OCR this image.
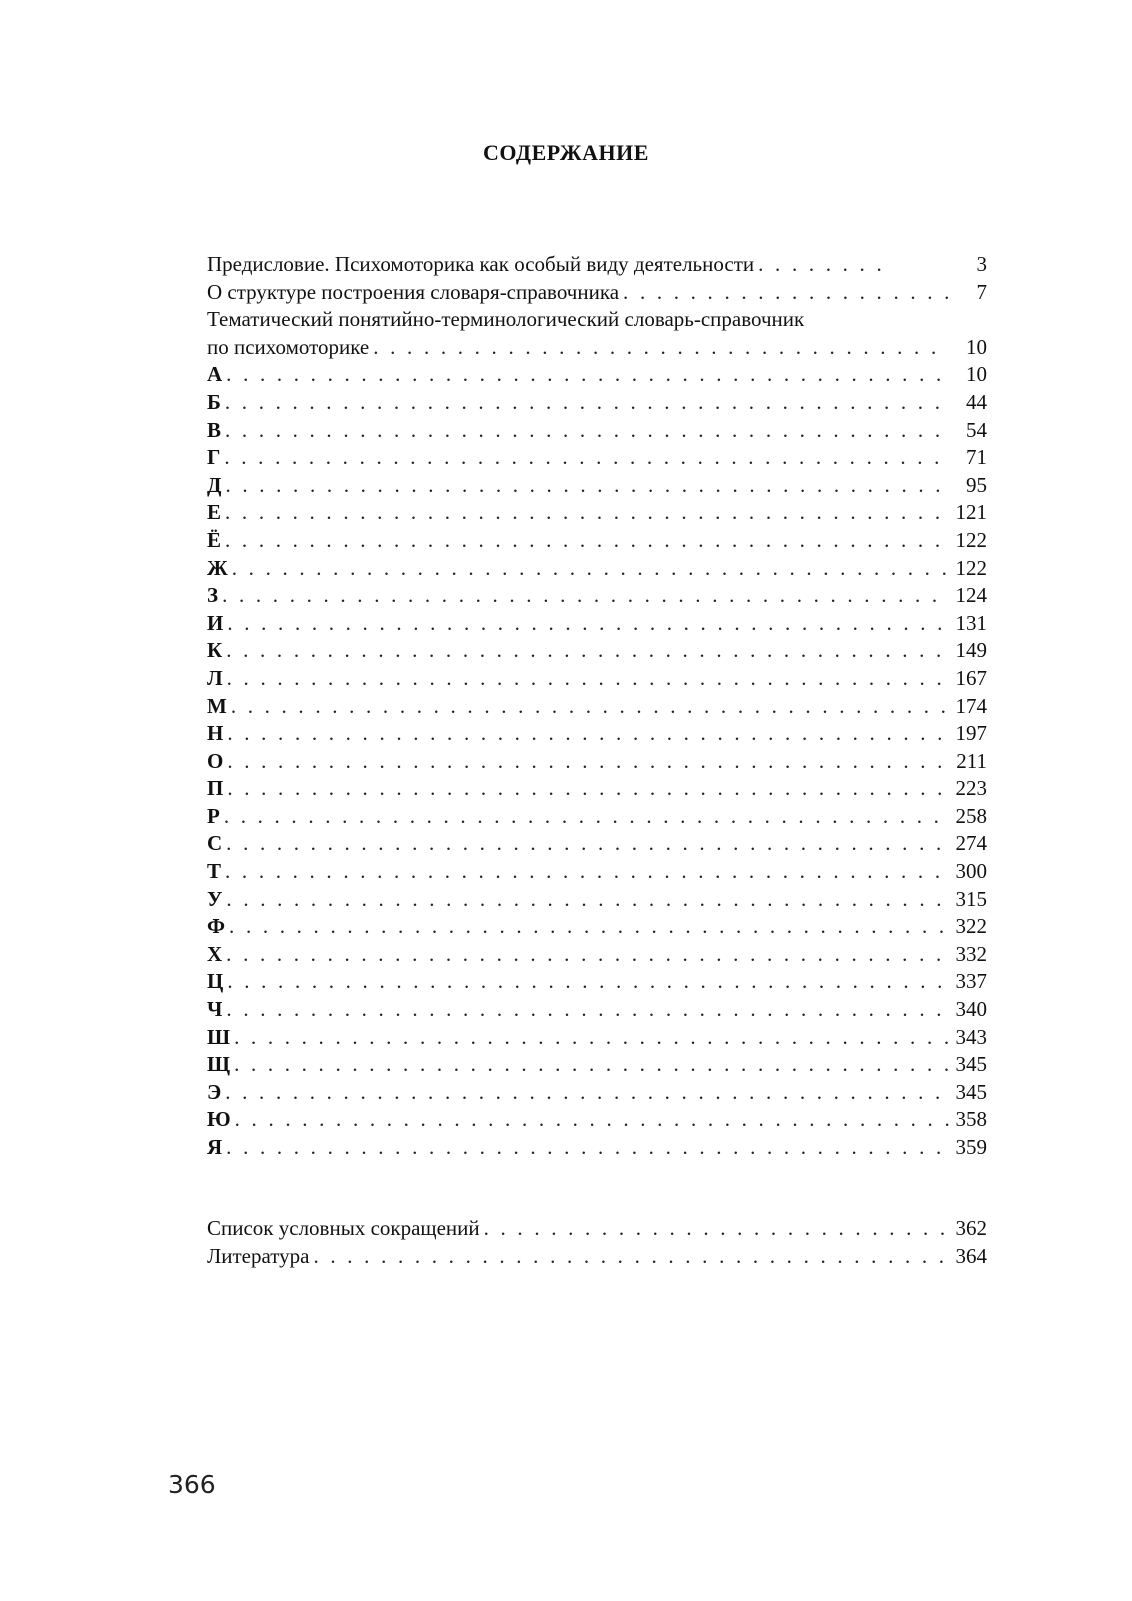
СОДЕРЖАНИЕ
Предисловие. Психомоторика как особый виду деятельности . . .	3
О структуре построения словаря-справочника . . .	7
Тематический понятийно-терминологический словарь-справочник
по психомоторике . . .	10
А . . .	10
Б . . .	44
В . . .	54
Г . . .	71
Д . . .	95
Е . . .	121
Ё . . .	122
Ж . . .	122
З . . .	124
И . . .	131
К . . .	149
Л . . .	167
М . . .	174
Н . . .	197
О . . .	211
П . . .	223
Р . . .	258
С . . .	274
Т . . .	300
У . . .	315
Ф . . .	322
Х . . .	332
Ц . . .	337
Ч . . .	340
Ш . . .	343
Щ . . .	345
Э . . .	345
Ю . . .	358
Я . . .	359
Список условных сокращений . . .	362
Литература . . .	364
366
